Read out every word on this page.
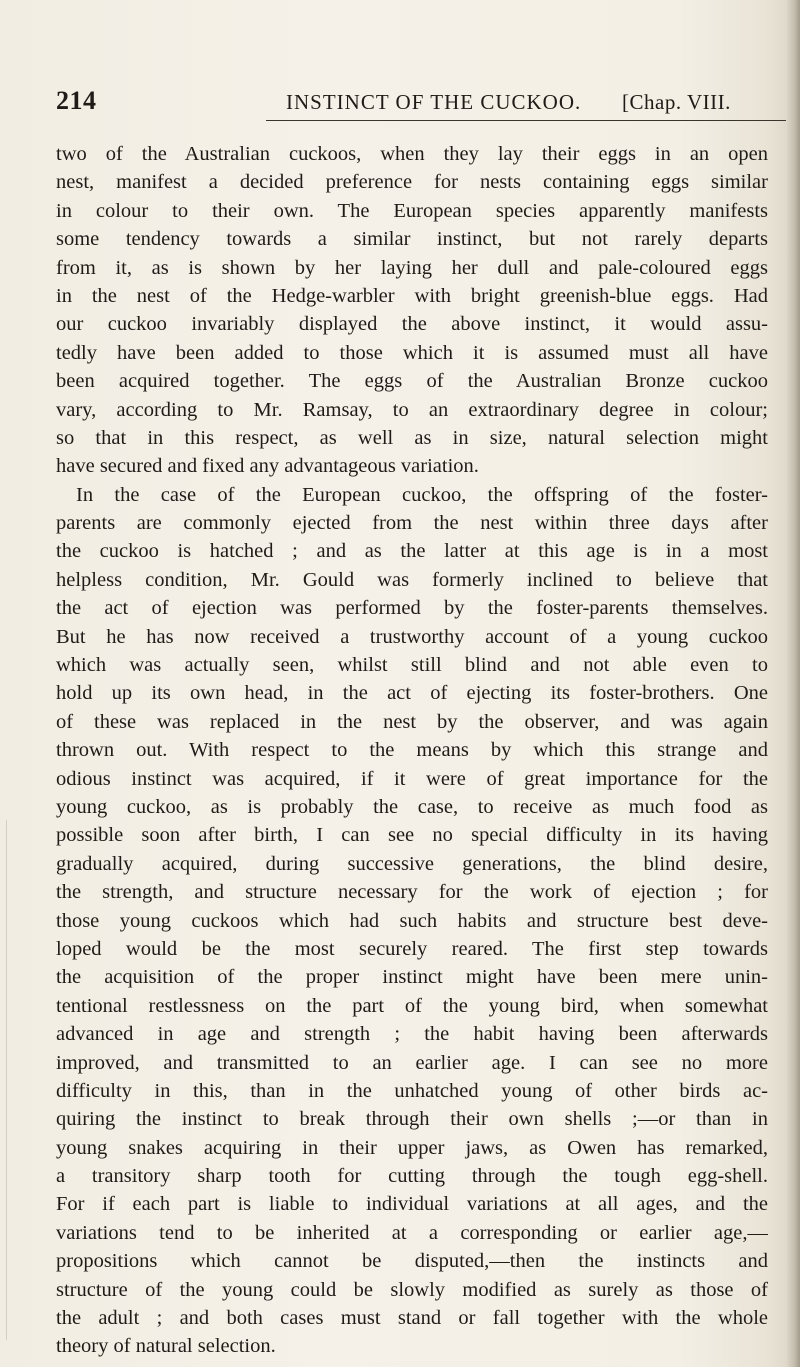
214	INSTINCT OF THE CUCKOO. [Chap. VIII.
two of the Australian cuckoos, when they lay their eggs in an open
nest, manifest a decided preference for nests containing eggs similar
in colour to their own. The European species apparently manifests
some tendency towards a similar instinct, but not rarely departs
from it, as is shown by her laying her dull and pale-coloured eggs
in the nest of the Hedge-warbler with bright greenish-blue eggs. Had
our cuckoo invariably displayed the above instinct, it would assu-
tedly have been added to those which it is assumed must all have
been acquired together. The eggs of the Australian Bronze cuckoo
vary, according to Mr. Ramsay, to an extraordinary degree in colour;
so that in this respect, as well as in size, natural selection might
have secured and fixed any advantageous variation.
In the case of the European cuckoo, the offspring of the foster-
parents are commonly ejected from the nest within three days after
the cuckoo is hatched ; and as the latter at this age is in a most
helpless condition, Mr. Gould was formerly inclined to believe that
the act of ejection was performed by the foster-parents themselves.
But he has now received a trustworthy account of a young cuckoo
which was actually seen, whilst still blind and not able even to
hold up its own head, in the act of ejecting its foster-brothers. One
of these was replaced in the nest by the observer, and was again
thrown out. With respect to the means by which this strange and
odious instinct was acquired, if it were of great importance for the
young cuckoo, as is probably the case, to receive as much food as
possible soon after birth, I can see no special difficulty in its having
gradually acquired, during successive generations, the blind desire,
the strength, and structure necessary for the work of ejection ; for
those young cuckoos which had such habits and structure best deve-
loped would be the most securely reared. The first step towards
the acquisition of the proper instinct might have been mere unin-
tentional restlessness on the part of the young bird, when somewhat
advanced in age and strength ; the habit having been afterwards
improved, and transmitted to an earlier age. I can see no more
difficulty in this, than in the unhatched young of other birds ac-
quiring the instinct to break through their own shells ;—or than in
young snakes acquiring in their upper jaws, as Owen has remarked,
a transitory sharp tooth for cutting through the tough egg-shell.
For if each part is liable to individual variations at all ages, and the
variations tend to be inherited at a corresponding or earlier age,—
propositions which cannot be disputed,—then the instincts and
structure of the young could be slowly modified as surely as those of
the adult ; and both cases must stand or fall together with the whole
theory of natural selection.
